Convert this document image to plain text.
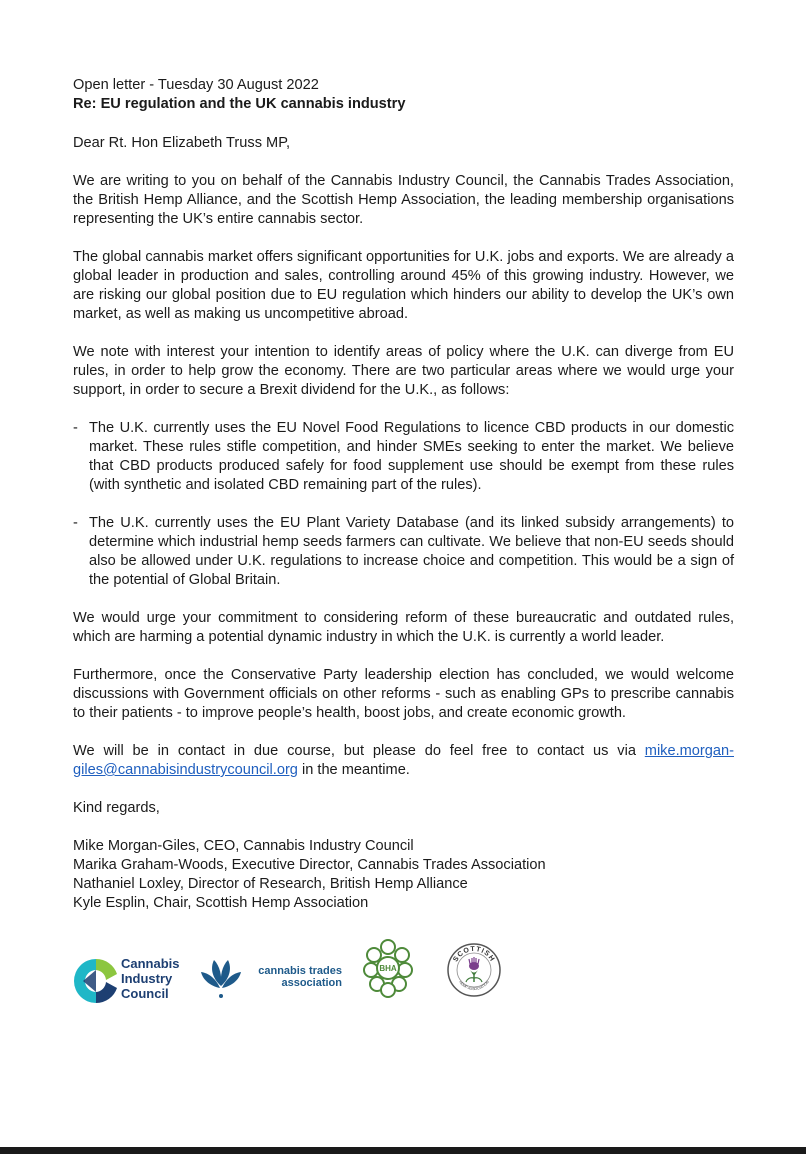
Open letter - Tuesday 30 August 2022

Re: EU regulation and the UK cannabis industry

Dear Rt. Hon Elizabeth Truss MP,

We are writing to you on behalf of the Cannabis Industry Council, the Cannabis Trades Association, the British Hemp Alliance, and the Scottish Hemp Association, the leading membership organisations representing the UK’s entire cannabis sector.

The global cannabis market offers significant opportunities for U.K. jobs and exports. We are already a global leader in production and sales, controlling around 45% of this growing industry. However, we are risking our global position due to EU regulation which hinders our ability to develop the UK’s own market, as well as making us uncompetitive abroad.

We note with interest your intention to identify areas of policy where the U.K. can diverge from EU rules, in order to help grow the economy. There are two particular areas where we would urge your support, in order to secure a Brexit dividend for the U.K., as follows:

- The U.K. currently uses the EU Novel Food Regulations to licence CBD products in our domestic market. These rules stifle competition, and hinder SMEs seeking to enter the market. We believe that CBD products produced safely for food supplement use should be exempt from these rules (with synthetic and isolated CBD remaining part of the rules).
- The U.K. currently uses the EU Plant Variety Database (and its linked subsidy arrangements) to determine which industrial hemp seeds farmers can cultivate. We believe that non-EU seeds should also be allowed under U.K. regulations to increase choice and competition. This would be a sign of the potential of Global Britain.

We would urge your commitment to considering reform of these bureaucratic and outdated rules, which are harming a potential dynamic industry in which the U.K. is currently a world leader.

Furthermore, once the Conservative Party leadership election has concluded, we would welcome discussions with Government officials on other reforms - such as enabling GPs to prescribe cannabis to their patients - to improve people’s health, boost jobs, and create economic growth.

We will be in contact in due course, but please do feel free to contact us via mike.morgan-giles@cannabisindustrycouncil.org in the meantime.

Kind regards,

Mike Morgan-Giles, CEO, Cannabis Industry Council

Marika Graham-Woods, Executive Director, Cannabis Trades Association

Nathaniel Loxley, Director of Research, British Hemp Alliance

Kyle Esplin, Chair, Scottish Hemp Association

Cannabis
Industry
Council
cannabis trades
association
BHA
SCOTTISH
HEMP ASSOCIATION
